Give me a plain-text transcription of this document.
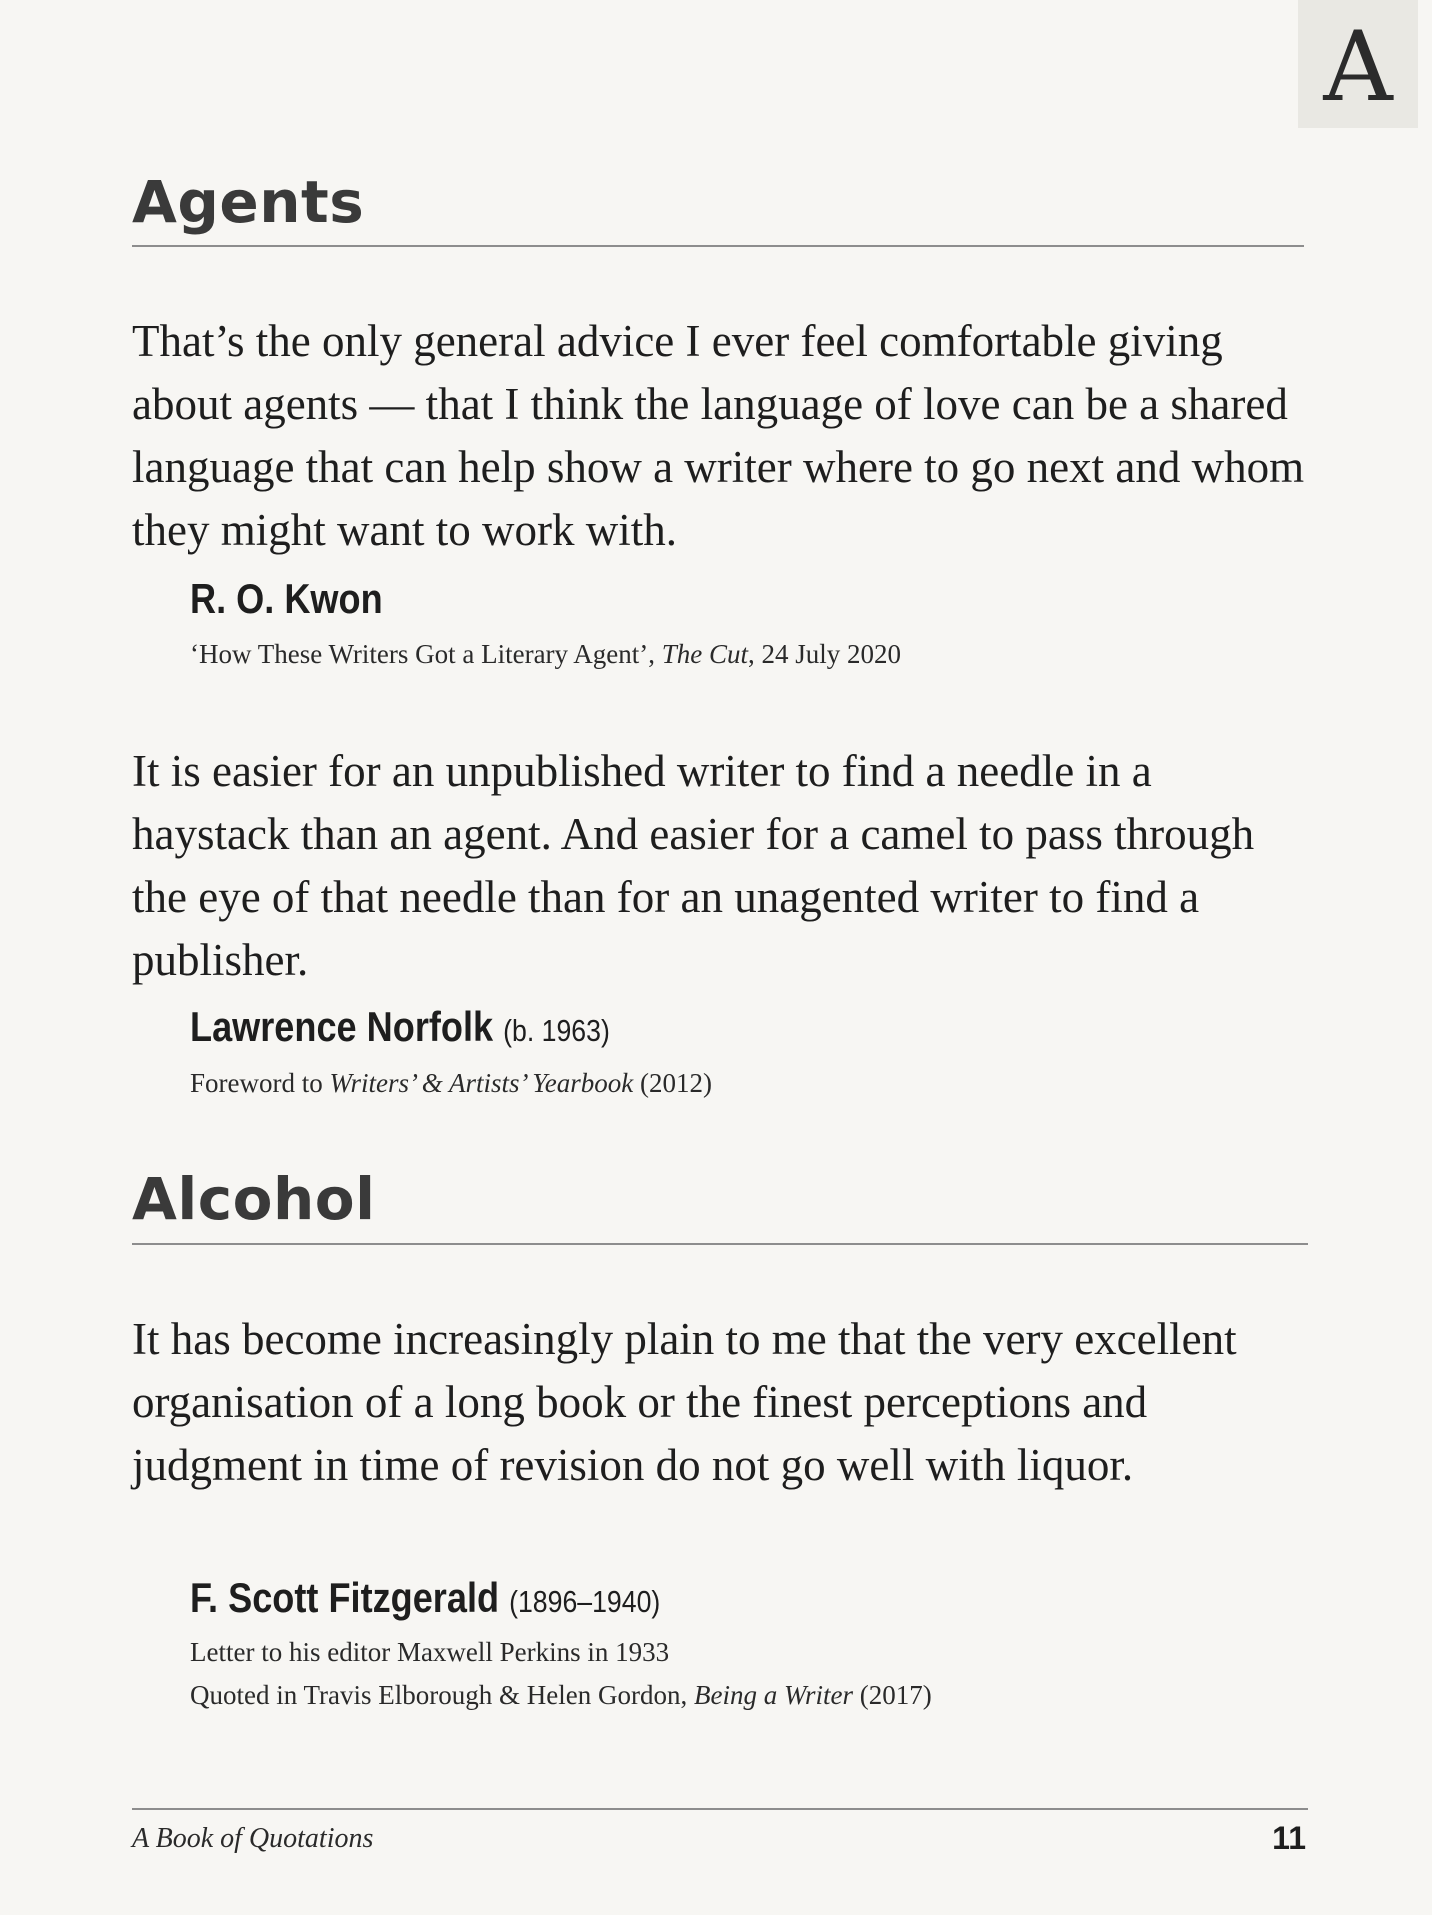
A
Agents

That’s the only general advice I ever feel comfortable giving about agents — that I think the language of love can be a shared language that can help show a writer where to go next and whom they might want to work with.

R. O. Kwon
‘How These Writers Got a Literary Agent’, The Cut, 24 July 2020

It is easier for an unpublished writer to find a needle in a haystack than an agent. And easier for a camel to pass through the eye of that needle than for an unagented writer to find a publisher.

Lawrence Norfolk (b. 1963)
Foreword to Writers’ & Artists’ Yearbook (2012)
Alcohol

It has become increasingly plain to me that the very excellent organisation of a long book or the finest perceptions and judgment in time of revision do not go well with liquor.

F. Scott Fitzgerald (1896–1940)
Letter to his editor Maxwell Perkins in 1933
Quoted in Travis Elborough & Helen Gordon, Being a Writer (2017)
A Book of Quotations	11
